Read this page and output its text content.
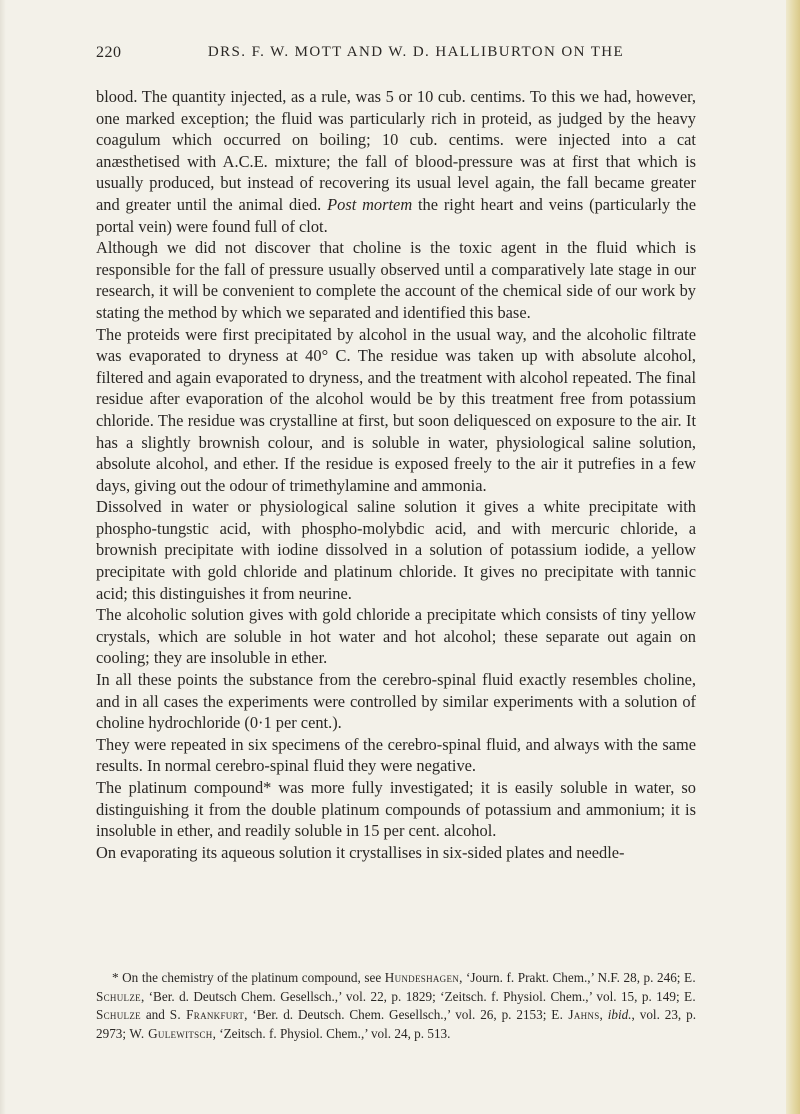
220	DRS. F. W. MOTT AND W. D. HALLIBURTON ON THE

blood. The quantity injected, as a rule, was 5 or 10 cub. centims. To this we had, however, one marked exception; the fluid was particularly rich in proteid, as judged by the heavy coagulum which occurred on boiling; 10 cub. centims. were injected into a cat anæsthetised with A.C.E. mixture; the fall of blood-pressure was at first that which is usually produced, but instead of recovering its usual level again, the fall became greater and greater until the animal died. Post mortem the right heart and veins (particularly the portal vein) were found full of clot.

Although we did not discover that choline is the toxic agent in the fluid which is responsible for the fall of pressure usually observed until a comparatively late stage in our research, it will be convenient to complete the account of the chemical side of our work by stating the method by which we separated and identified this base.

The proteids were first precipitated by alcohol in the usual way, and the alcoholic filtrate was evaporated to dryness at 40° C. The residue was taken up with absolute alcohol, filtered and again evaporated to dryness, and the treatment with alcohol repeated. The final residue after evaporation of the alcohol would be by this treatment free from potassium chloride. The residue was crystalline at first, but soon deliquesced on exposure to the air. It has a slightly brownish colour, and is soluble in water, physiological saline solution, absolute alcohol, and ether. If the residue is exposed freely to the air it putrefies in a few days, giving out the odour of trimethylamine and ammonia.

Dissolved in water or physiological saline solution it gives a white precipitate with phospho-tungstic acid, with phospho-molybdic acid, and with mercuric chloride, a brownish precipitate with iodine dissolved in a solution of potassium iodide, a yellow precipitate with gold chloride and platinum chloride. It gives no precipitate with tannic acid; this distinguishes it from neurine.

The alcoholic solution gives with gold chloride a precipitate which consists of tiny yellow crystals, which are soluble in hot water and hot alcohol; these separate out again on cooling; they are insoluble in ether.

In all these points the substance from the cerebro-spinal fluid exactly resembles choline, and in all cases the experiments were controlled by similar experiments with a solution of choline hydrochloride (0·1 per cent.).

They were repeated in six specimens of the cerebro-spinal fluid, and always with the same results. In normal cerebro-spinal fluid they were negative.

The platinum compound* was more fully investigated; it is easily soluble in water, so distinguishing it from the double platinum compounds of potassium and ammonium; it is insoluble in ether, and readily soluble in 15 per cent. alcohol.

On evaporating its aqueous solution it crystallises in six-sided plates and needle-

* On the chemistry of the platinum compound, see Hundeshagen, ‘Journ. f. Prakt. Chem.,’ N.F. 28, p. 246; E. Schulze, ‘Ber. d. Deutsch Chem. Gesellsch.,’ vol. 22, p. 1829; ‘Zeitsch. f. Physiol. Chem.,’ vol. 15, p. 149; E. Schulze and S. Frankfurt, ‘Ber. d. Deutsch. Chem. Gesellsch.,’ vol. 26, p. 2153; E. Jahns, ibid., vol. 23, p. 2973; W. Gulewitsch, ‘Zeitsch. f. Physiol. Chem.,’ vol. 24, p. 513.
